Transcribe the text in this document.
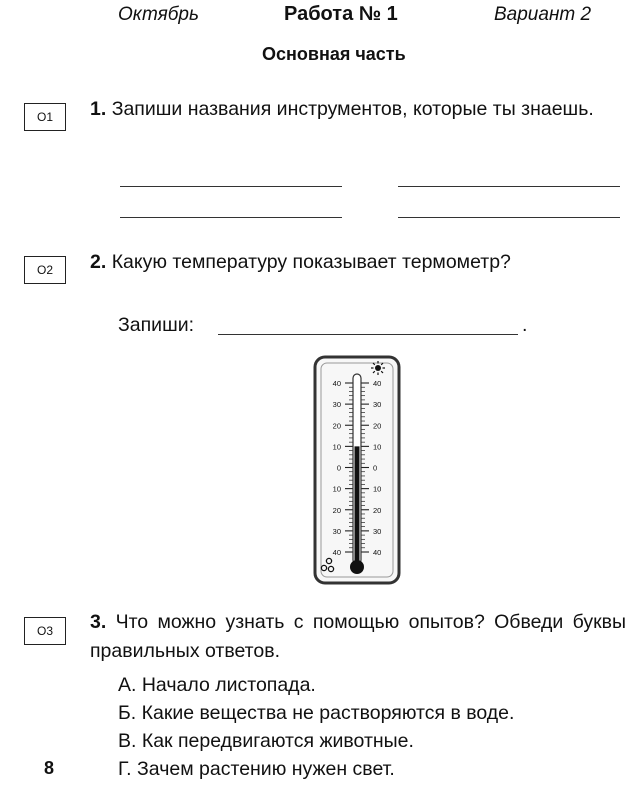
Октябрь	Работа № 1	Вариант 2
Основная часть
О1	1. Запиши названия инструментов, которые ты знаешь.
О2	2. Какую температуру показывает термометр?
Запиши:	.
40
30
20
10
0
10
20
30
40
40
30
20
10
0
10
20
30
40
О3	3. Что можно узнать с помощью опытов? Обведи буквы правильных ответов.
А. Начало листопада.
Б. Какие вещества не растворяются в воде.
В. Как передвигаются животные.
Г. Зачем растению нужен свет.
8
